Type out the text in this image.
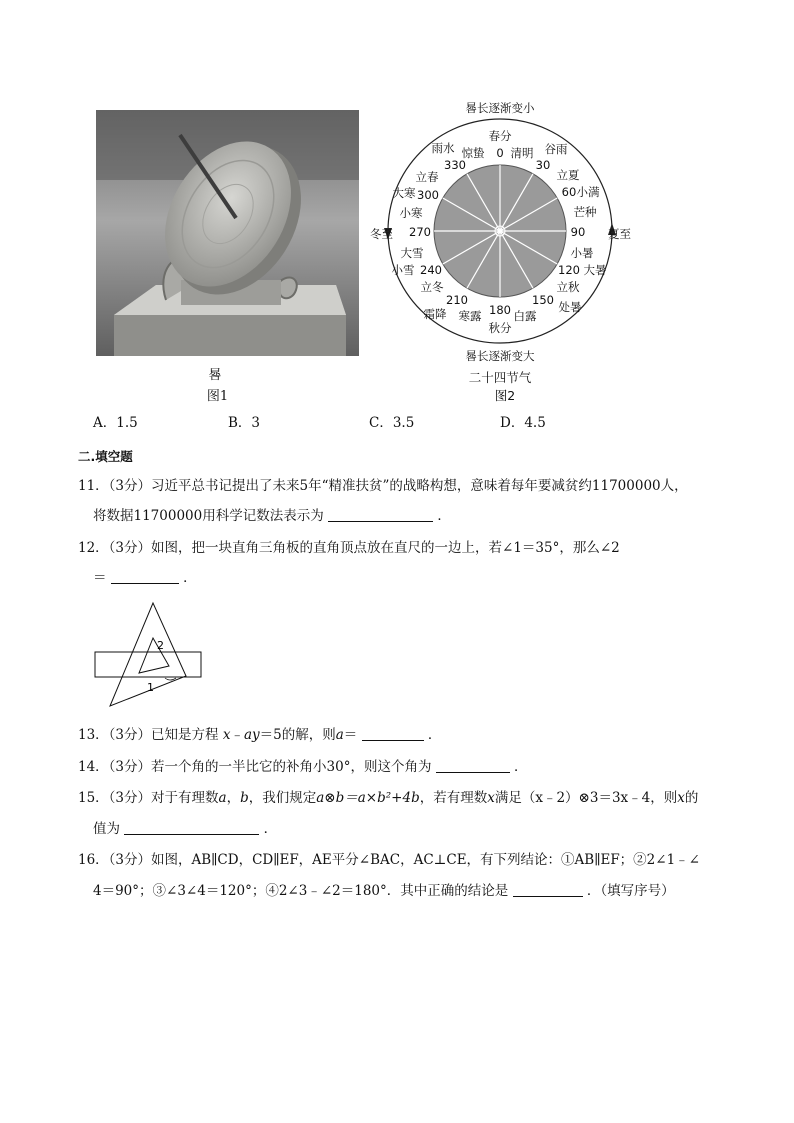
晷
图1
晷长逐渐变小
晷长逐渐变大
冬至	夏至
春分
清明 谷雨
立夏
小满
芒种
小暑
大暑
立秋
处暑
白露
秋分
寒露
霜降
立冬
小雪
大雪
小寒
大寒
立春
雨水 惊蛰 0
30
60
90
120
150
180
210
240
270
300
330
二十四节气
图2
A．1.5	B．3	C．3.5	D．4.5
二.填空题
11．（3分）习近平总书记提出了未来5年“精准扶贫”的战略构想，意味着每年要减贫约11700000人，
将数据11700000用科学记数法表示为	．
12．（3分）如图，把一块直角三角板的直角顶点放在直尺的一边上，若∠1＝35°，那么∠2
＝	．
2
1
13．（3分）已知是方程 x﹣ay＝5的解，则a＝	．
14．（3分）若一个角的一半比它的补角小30°，则这个角为	．
15．（3分）对于有理数a，b，我们规定a⊗b＝a×b²+4b，若有理数x满足（x﹣2）⊗3＝3x﹣4，则x的
值为	．
16．（3分）如图，AB∥CD，CD∥EF，AE平分∠BAC，AC⊥CE，有下列结论：①AB∥EF；②2∠1﹣∠
4＝90°；③∠3∠4＝120°；④2∠3﹣∠2＝180°．其中正确的结论是	．（填写序号）
